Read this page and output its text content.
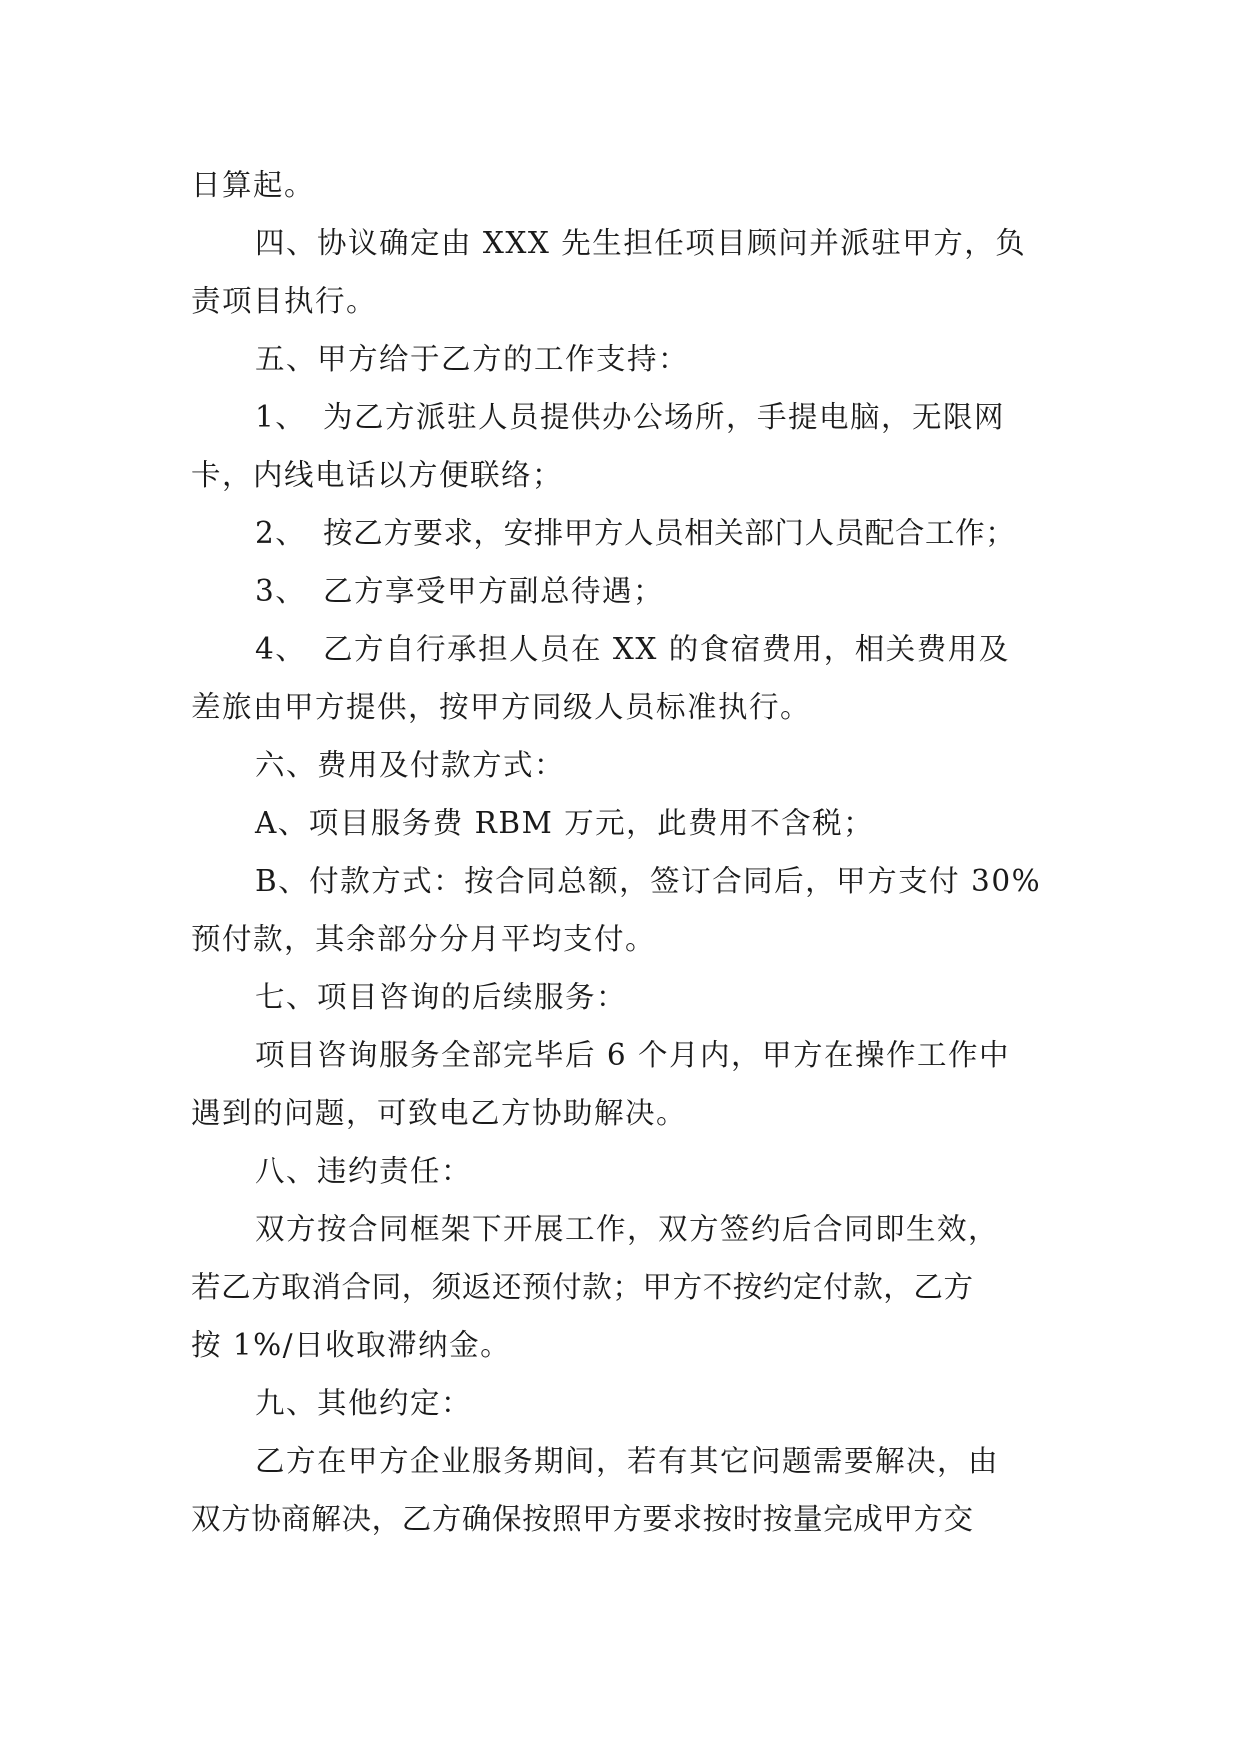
日算起。

四、协议确定由 XXX 先生担任项目顾问并派驻甲方，负

责项目执行。

五、甲方给于乙方的工作支持：

1、 为乙方派驻人员提供办公场所，手提电脑，无限网

卡，内线电话以方便联络；

2、 按乙方要求，安排甲方人员相关部门人员配合工作；

3、 乙方享受甲方副总待遇；

4、 乙方自行承担人员在 XX 的食宿费用，相关费用及

差旅由甲方提供，按甲方同级人员标准执行。

六、费用及付款方式：

A、项目服务费 RBM 万元，此费用不含税；

B、付款方式：按合同总额，签订合同后，甲方支付 30%

预付款，其余部分分月平均支付。

七、项目咨询的后续服务：

项目咨询服务全部完毕后 6 个月内，甲方在操作工作中

遇到的问题，可致电乙方协助解决。

八、违约责任：

双方按合同框架下开展工作，双方签约后合同即生效，

若乙方取消合同，须返还预付款；甲方不按约定付款，乙方

按 1%/日收取滞纳金。

九、其他约定：

乙方在甲方企业服务期间，若有其它问题需要解决，由

双方协商解决，乙方确保按照甲方要求按时按量完成甲方交
